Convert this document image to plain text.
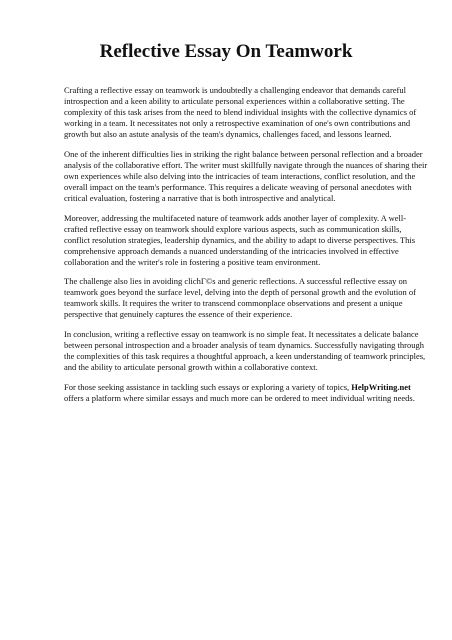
Reflective Essay On Teamwork

Crafting a reflective essay on teamwork is undoubtedly a challenging endeavor that demands careful introspection and a keen ability to articulate personal experiences within a collaborative setting. The complexity of this task arises from the need to blend individual insights with the collective dynamics of working in a team. It necessitates not only a retrospective examination of one's own contributions and growth but also an astute analysis of the team's dynamics, challenges faced, and lessons learned.

One of the inherent difficulties lies in striking the right balance between personal reflection and a broader analysis of the collaborative effort. The writer must skillfully navigate through the nuances of sharing their own experiences while also delving into the intricacies of team interactions, conflict resolution, and the overall impact on the team's performance. This requires a delicate weaving of personal anecdotes with critical evaluation, fostering a narrative that is both introspective and analytical.

Moreover, addressing the multifaceted nature of teamwork adds another layer of complexity. A well-crafted reflective essay on teamwork should explore various aspects, such as communication skills, conflict resolution strategies, leadership dynamics, and the ability to adapt to diverse perspectives. This comprehensive approach demands a nuanced understanding of the intricacies involved in effective collaboration and the writer's role in fostering a positive team environment.

The challenge also lies in avoiding clichГ©s and generic reflections. A successful reflective essay on teamwork goes beyond the surface level, delving into the depth of personal growth and the evolution of teamwork skills. It requires the writer to transcend commonplace observations and present a unique perspective that genuinely captures the essence of their experience.

In conclusion, writing a reflective essay on teamwork is no simple feat. It necessitates a delicate balance between personal introspection and a broader analysis of team dynamics. Successfully navigating through the complexities of this task requires a thoughtful approach, a keen understanding of teamwork principles, and the ability to articulate personal growth within a collaborative context.

For those seeking assistance in tackling such essays or exploring a variety of topics, HelpWriting.net offers a platform where similar essays and much more can be ordered to meet individual writing needs.
